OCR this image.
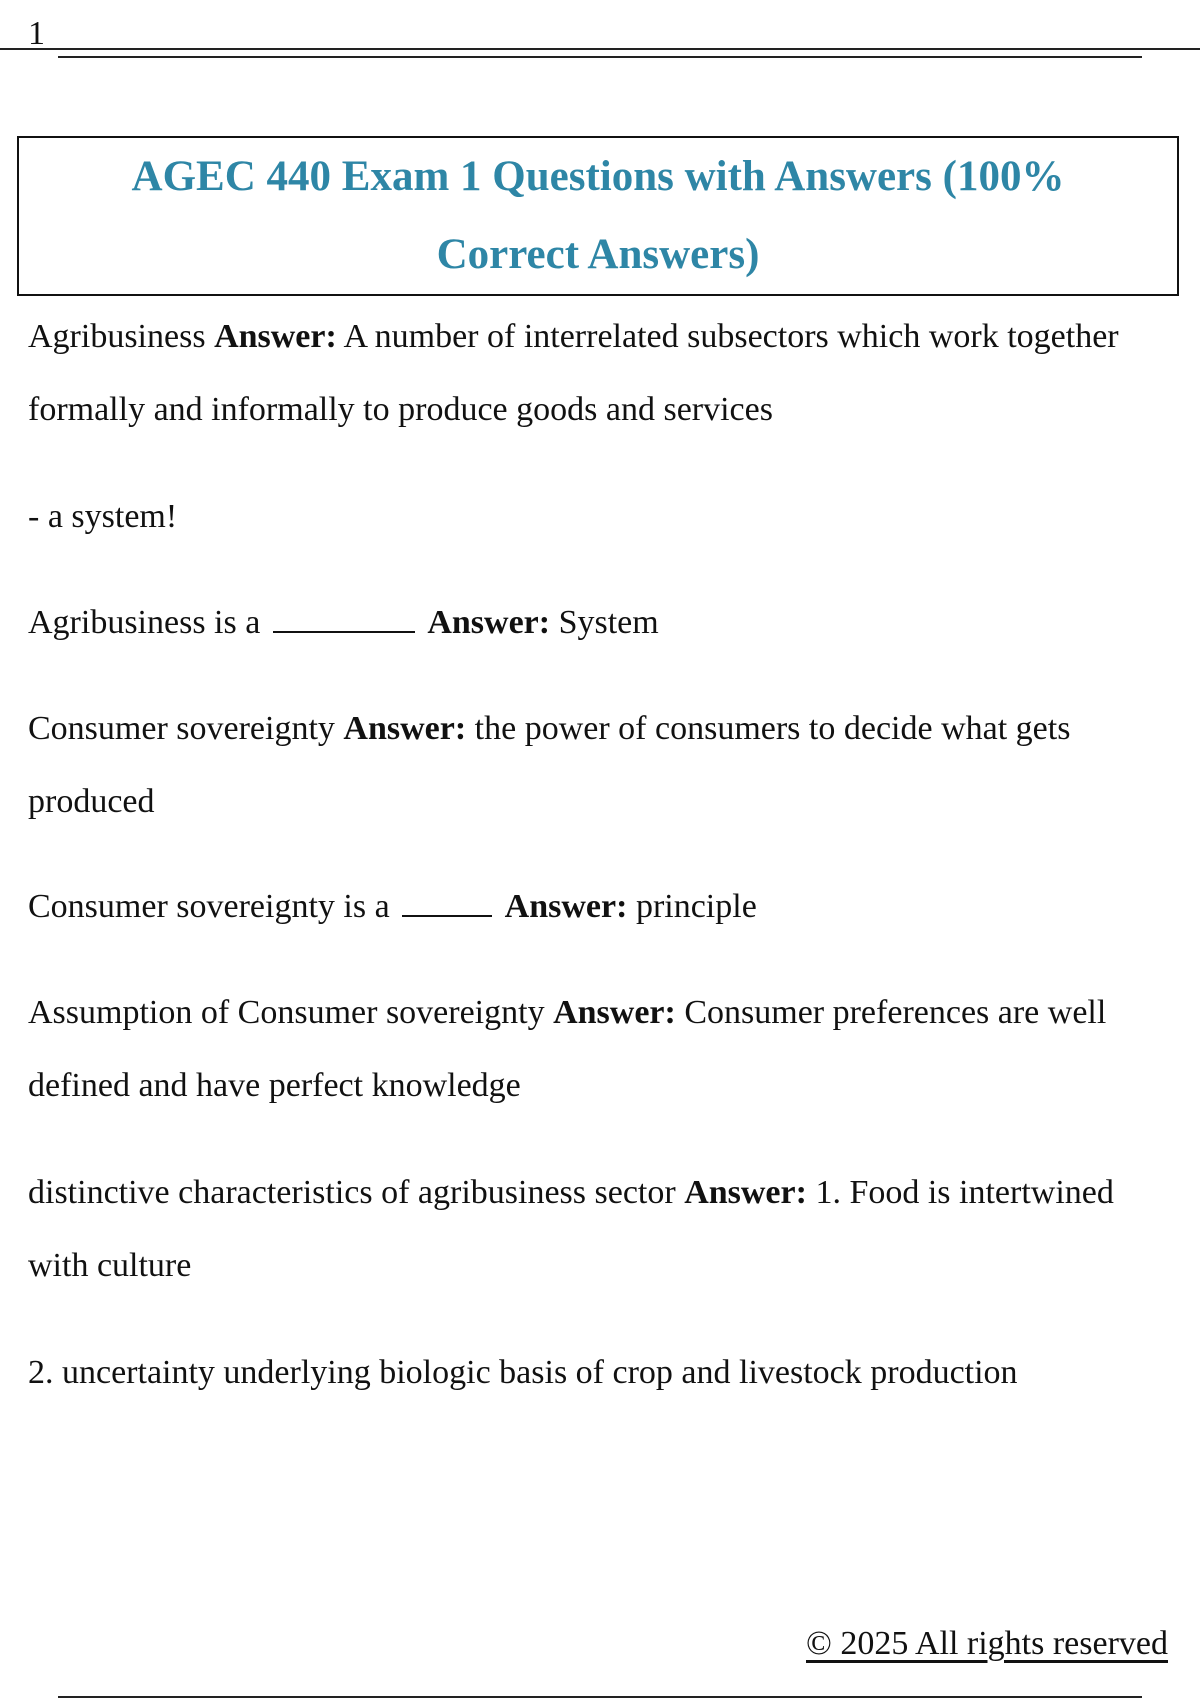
1
AGEC 440 Exam 1 Questions with Answers (100% Correct Answers)
Agribusiness Answer: A number of interrelated subsectors which work together formally and informally to produce goods and services
- a system!
Agribusiness is a	Answer: System
Consumer sovereignty Answer: the power of consumers to decide what gets produced
Consumer sovereignty is a	Answer: principle
Assumption of Consumer sovereignty Answer: Consumer preferences are well defined and have perfect knowledge
distinctive characteristics of agribusiness sector Answer: 1. Food is intertwined with culture
2. uncertainty underlying biologic basis of crop and livestock production
© 2025 All rights reserved
